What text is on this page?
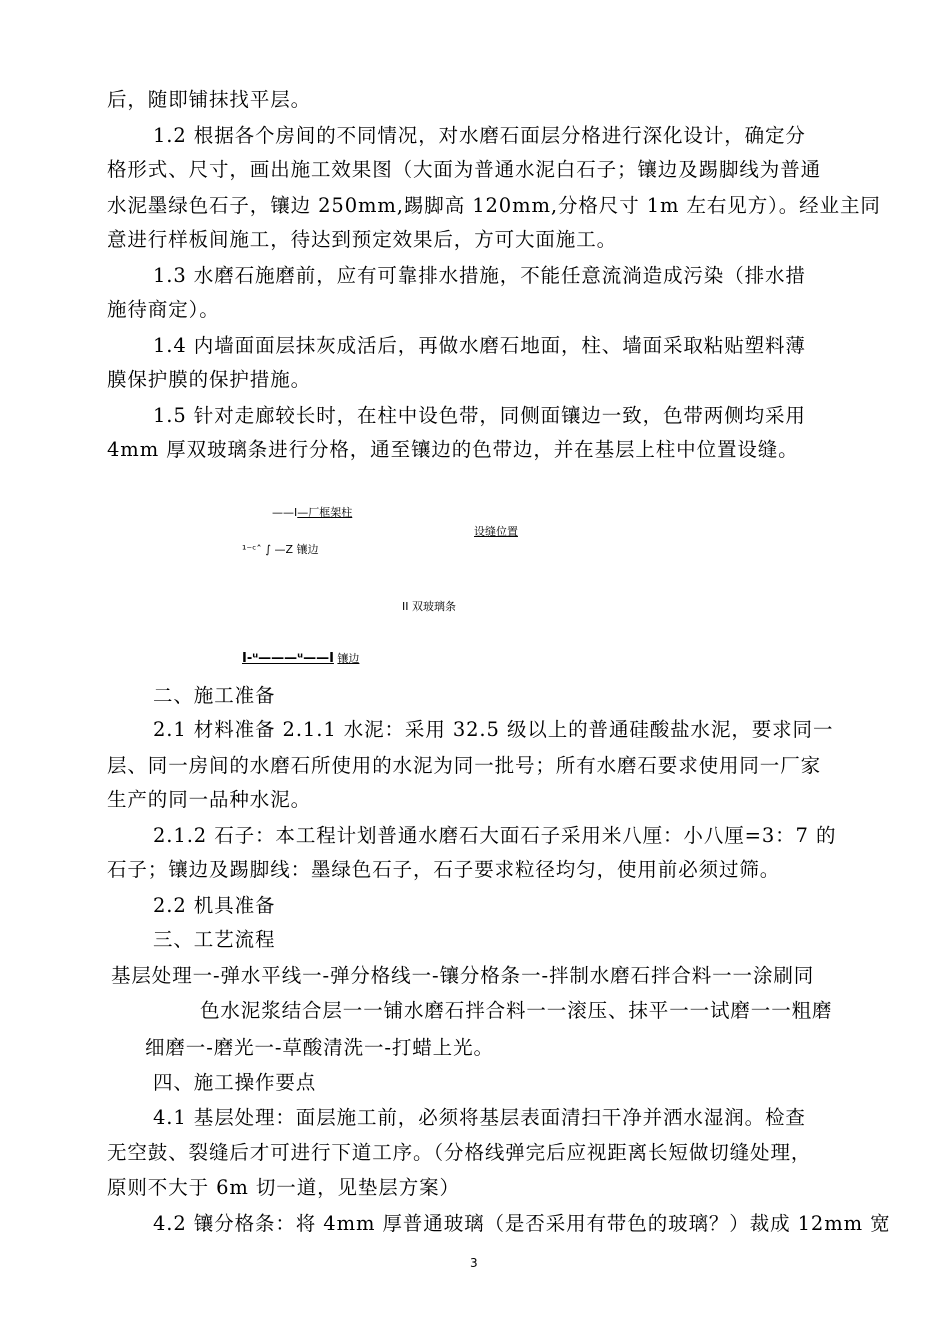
后，随即铺抹找平层。
1.2 根据各个房间的不同情况，对水磨石面层分格进行深化设计，确定分
格形式、尺寸，画出施工效果图（大面为普通水泥白石子；镶边及踢脚线为普通
水泥墨绿色石子，镶边 250mm,踢脚高 120mm,分格尺寸 1m 左右见方）。经业主同
意进行样板间施工，待达到预定效果后，方可大面施工。
1.3 水磨石施磨前，应有可靠排水措施，不能任意流淌造成污染（排水措
施待商定）。
1.4 内墙面面层抹灰成活后，再做水磨石地面，柱、墙面采取粘贴塑料薄
膜保护膜的保护措施。
1.5 针对走廊较长时，在柱中设色带，同侧面镶边一致，色带两侧均采用
4mm 厚双玻璃条进行分格，通至镶边的色带边，并在基层上柱中位置设缝。
——I—厂框架柱
设缝位置
¹⁻ᶜˆ ∫ —Z 镶边
II 双玻璃条
I-ᵘ———ᵘ——I 镶边
二、施工准备
2.1 材料准备 2.1.1 水泥：采用 32.5 级以上的普通硅酸盐水泥，要求同一
层、同一房间的水磨石所使用的水泥为同一批号；所有水磨石要求使用同一厂家
生产的同一品种水泥。
2.1.2 石子：本工程计划普通水磨石大面石子采用米八厘：小八厘=3：7 的
石子；镶边及踢脚线：墨绿色石子，石子要求粒径均匀，使用前必须过筛。
2.2 机具准备
三、工艺流程
基层处理一-弹水平线一-弹分格线一-镶分格条一-拌制水磨石拌合料一一涂刷同
色水泥浆结合层一一铺水磨石拌合料一一滚压、抹平一一试磨一一粗磨
细磨一-磨光一-草酸清洗一-打蜡上光。
四、施工操作要点
4.1 基层处理：面层施工前，必须将基层表面清扫干净并洒水湿润。检查
无空鼓、裂缝后才可进行下道工序。（分格线弹完后应视距离长短做切缝处理，
原则不大于 6m 切一道，见垫层方案）
4.2 镶分格条：将 4mm 厚普通玻璃（是否采用有带色的玻璃？）裁成 12mm 宽
3
